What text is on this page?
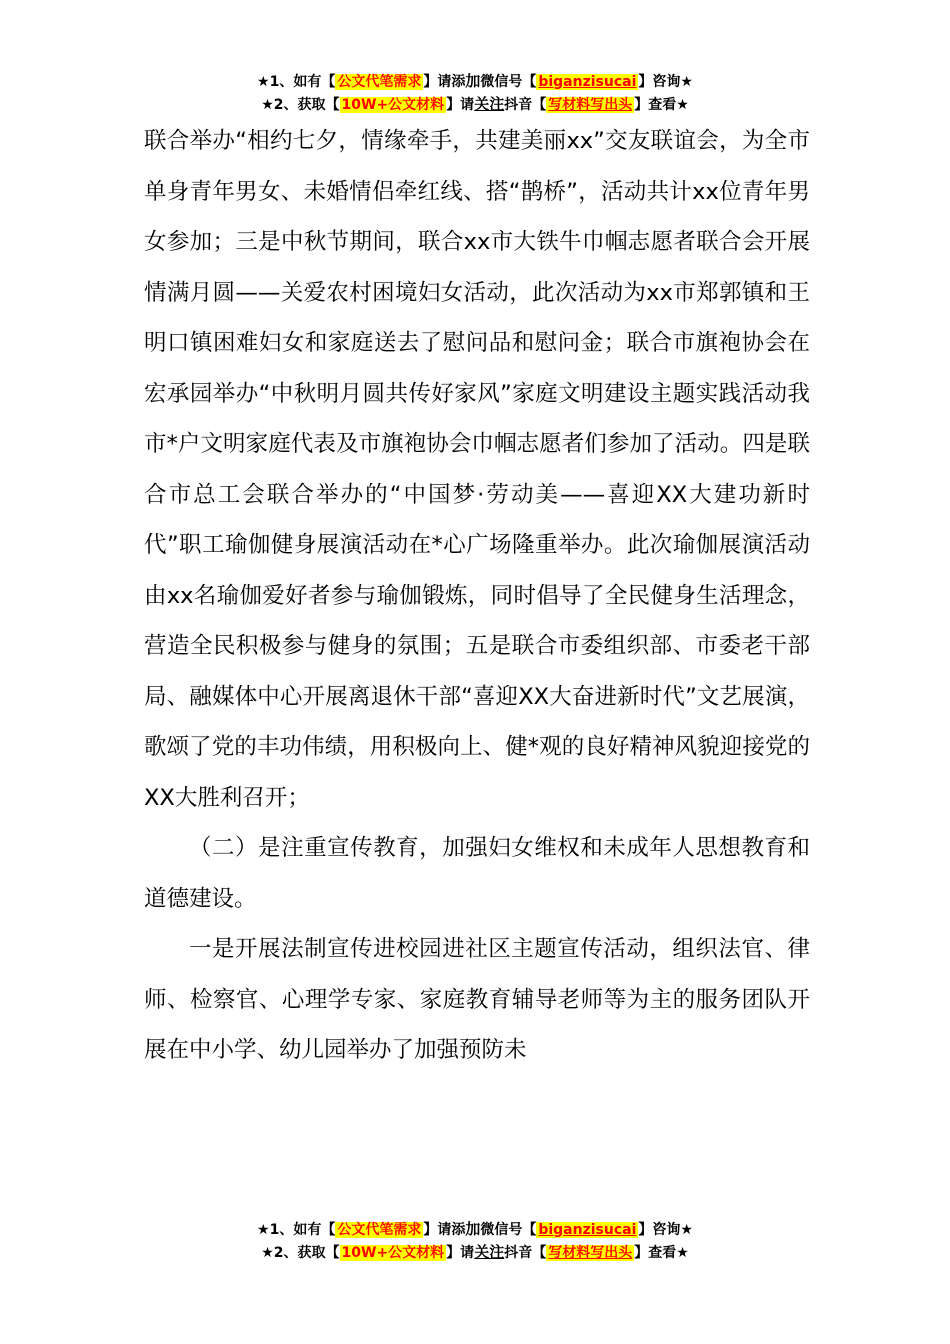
★1、如有【 公文代笔需求 】请添加微信号【 biganzisucai 】咨询★
★2、获取【 10W+公文材料 】请关注抖音【 写材料写出头 】查看★

联合举办“相约七夕，情缘牵手，共建美丽xx”交友联谊会，为全市单身青年男女、未婚情侣牵红线、搭“鹊桥”，活动共计xx位青年男女参加；三是中秋节期间，联合xx市大铁牛巾帼志愿者联合会开展情满月圆——关爱农村困境妇女活动，此次活动为xx市郑郭镇和王明口镇困难妇女和家庭送去了慰问品和慰问金；联合市旗袍协会在宏承园举办“中秋明月圆共传好家风”家庭文明建设主题实践活动我市*户文明家庭代表及市旗袍协会巾帼志愿者们参加了活动。四是联合市总工会联合举办的“中国梦·劳动美——喜迎XX大建功新时代”职工瑜伽健身展演活动在*心广场隆重举办。此次瑜伽展演活动由xx名瑜伽爱好者参与瑜伽锻炼，同时倡导了全民健身生活理念，营造全民积极参与健身的氛围；五是联合市委组织部、市委老干部局、融媒体中心开展离退休干部“喜迎XX大奋进新时代”文艺展演，歌颂了党的丰功伟绩，用积极向上、健*观的良好精神风貌迎接党的XX大胜利召开；

（二）是注重宣传教育，加强妇女维权和未成年人思想教育和道德建设。

一是开展法制宣传进校园进社区主题宣传活动，组织法官、律师、检察官、心理学专家、家庭教育辅导老师等为主的服务团队开展在中小学、幼儿园举办了加强预防未

★1、如有【 公文代笔需求 】请添加微信号【 biganzisucai 】咨询★
★2、获取【 10W+公文材料 】请关注抖音【 写材料写出头 】查看★
